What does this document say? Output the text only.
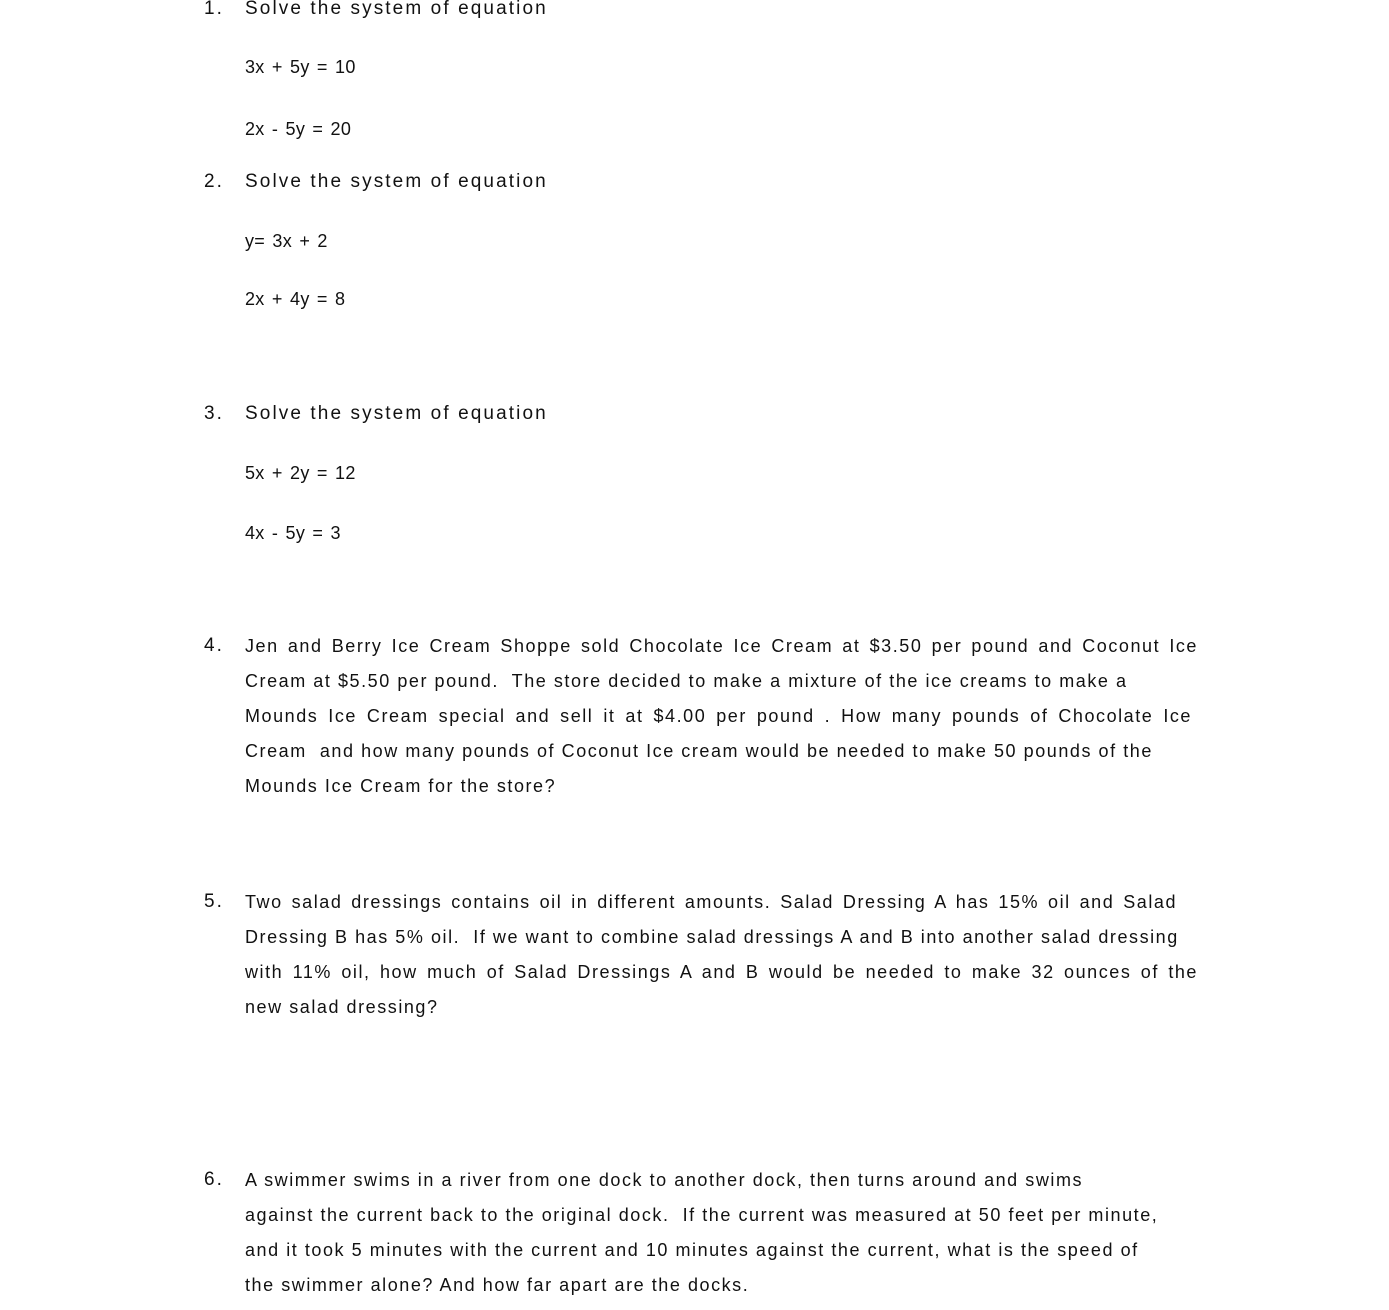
1. Solve the system of equation
3x + 5y = 10
2x - 5y = 20
2. Solve the system of equation
y= 3x + 2
2x + 4y = 8
3. Solve the system of equation
5x + 2y = 12
4x - 5y = 3
4. Jen and Berry Ice Cream Shoppe sold Chocolate Ice Cream at $3.50 per pound and Coconut Ice
Cream at $5.50 per pound.  The store decided to make a mixture of the ice creams to make a
Mounds Ice Cream special and sell it at $4.00 per pound . How many pounds of Chocolate Ice
Cream  and how many pounds of Coconut Ice cream would be needed to make 50 pounds of the
Mounds Ice Cream for the store?
5. Two salad dressings contains oil in different amounts. Salad Dressing A has 15% oil and Salad
Dressing B has 5% oil.  If we want to combine salad dressings A and B into another salad dressing
with 11% oil, how much of Salad Dressings A and B would be needed to make 32 ounces of the
new salad dressing?
6. A swimmer swims in a river from one dock to another dock, then turns around and swims
against the current back to the original dock.  If the current was measured at 50 feet per minute,
and it took 5 minutes with the current and 10 minutes against the current, what is the speed of
the swimmer alone? And how far apart are the docks.
